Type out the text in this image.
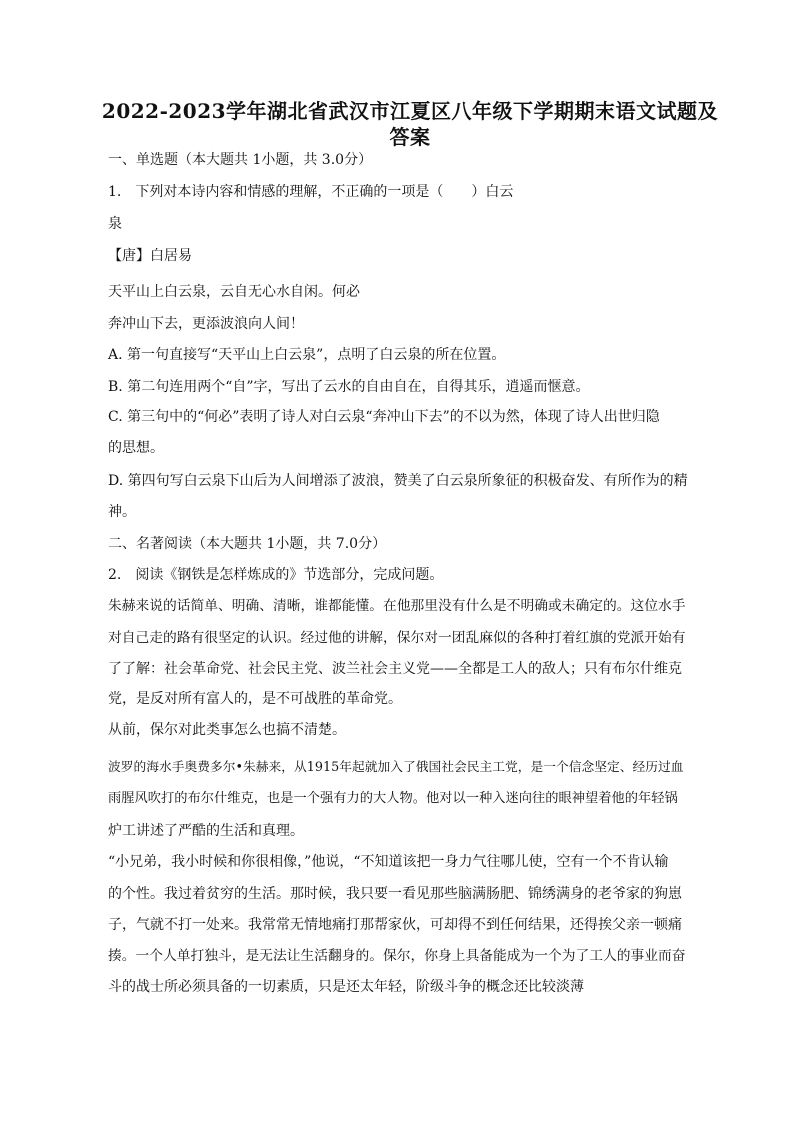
2022-2023学年湖北省武汉市江夏区八年级下学期期末语文试题及
答案
一、单选题（本大题共 1小题，共 3.0分）
1.　下列对本诗内容和情感的理解，不正确的一项是（　　）白云
泉
【唐】白居易
天平山上白云泉，云自无心水自闲。何必
奔冲山下去，更添波浪向人间！
A. 第一句直接写“天平山上白云泉”，点明了白云泉的所在位置。
B. 第二句连用两个“自”字，写出了云水的自由自在，自得其乐，逍遥而惬意。
C. 第三句中的“何必”表明了诗人对白云泉“奔冲山下去”的不以为然，体现了诗人出世归隐
的思想。
D. 第四句写白云泉下山后为人间增添了波浪，赞美了白云泉所象征的积极奋发、有所作为的精
神。
二、名著阅读（本大题共 1小题，共 7.0分）
2.　阅读《钢铁是怎样炼成的》节选部分，完成问题。
朱赫来说的话简单、明确、清晰，谁都能懂。在他那里没有什么是不明确或未确定的。这位水手
对自己走的路有很坚定的认识。经过他的讲解，保尔对一团乱麻似的各种打着红旗的党派开始有
了了解：社会革命党、社会民主党、波兰社会主义党——全都是工人的敌人；只有布尔什维克
党，是反对所有富人的，是不可战胜的革命党。
从前，保尔对此类事怎么也搞不清楚。
波罗的海水手奥费多尔•朱赫来，从1915年起就加入了俄国社会民主工党，是一个信念坚定、经历过血
雨腥风吹打的布尔什维克，也是一个强有力的大人物。他对以一种入迷向往的眼神望着他的年轻锅
炉工讲述了严酷的生活和真理。
“小兄弟，我小时候和你很相像，”他说，“不知道该把一身力气往哪儿使，空有一个不肯认输
的个性。我过着贫穷的生活。那时候，我只要一看见那些脑满肠肥、锦绣满身的老爷家的狗崽
子，气就不打一处来。我常常无情地痛打那帮家伙，可却得不到任何结果，还得挨父亲一顿痛
揍。一个人单打独斗，是无法让生活翻身的。保尔，你身上具备能成为一个为了工人的事业而奋
斗的战士所必须具备的一切素质，只是还太年轻，阶级斗争的概念还比较淡薄
